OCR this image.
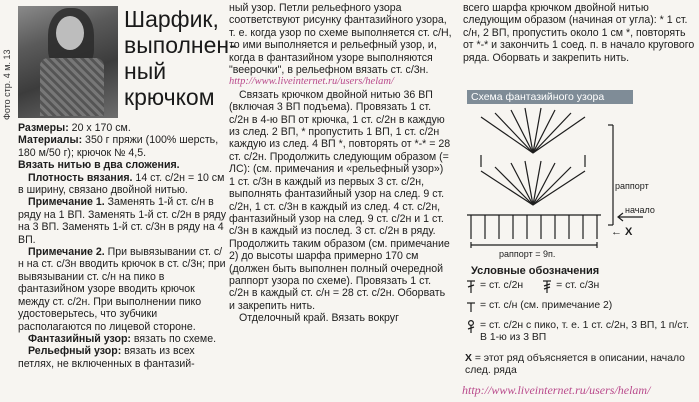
Фото стр. 4 м. 13
Шарфик, выполнен-ный крючком

Размеры: 20 х 170 см.

Материалы: 350 г пряжи (100% шерсть, 180 м/50 г); крючок № 4,5.

Вязать нитью в два сложения.

Плотность вязания. 14 ст. с/2н = 10 см в ширину, связано двойной нитью.

Примечание 1. Заменять 1-й ст. с/н в ряду на 1 ВП. Заменять 1-й ст. с/2н в ряду на 3 ВП. Заменять 1-й ст. с/3н в ряду на 4 ВП.

Примечание 2. При вывязывании ст. с/н на ст. с/3н вводить крючок в ст. с/3н; при вывязывании ст. с/н на пико в фантазийном узоре вводить крючок между ст. с/2н. При выполнении пико удостоверьтесь, что зубчики располагаются по лицевой стороне.

Фантазийный узор: вязать по схеме.

Рельефный узор: вязать из всех петлях, не включенных в фантазий-

ный узор. Петли рельефного узора соответствуют рисунку фантазийного узора, т. е. когда узор по схеме выполняется ст. с/Н, то ими выполняется и рельефный узор, и, когда в фантазийном узоре выполняются "веерочки", в рельефном вязать ст. с/3н.

http://www.liveinternet.ru/users/helam/

Связать крючком двойной нитью 36 ВП (включая 3 ВП подъема). Провязать 1 ст. с/2н в 4-ю ВП от крючка, 1 ст. с/2н в каждую из след. 2 ВП, * пропустить 1 ВП, 1 ст. с/2н каждую из след. 4 ВП *, повторять от *-* = 28 ст. с/2н. Продолжить следующим образом (= ЛС): (см. примечания и «рельефный узор») 1 ст. с/3н в каждый из первых 3 ст. с/2н, выполнять фантазийный узор на след. 9 ст. с/2н, 1 ст. с/3н в каждый из след. 4 ст. с/2н, фантазийный узор на след. 9 ст. с/2н и 1 ст. с/3н в каждый из послед. 3 ст. с/2н в ряду. Продолжить таким образом (см. примечание 2) до высоты шарфа примерно 170 см (должен быть выполнен полный очередной раппорт узора по схеме). Провязать 1 ст. с/2н в каждый ст. с/н = 28 ст. с/2н. Оборвать и закрепить нить.

Отделочный край. Вязать вокруг

всего шарфа крючком двойной нитью следующим образом (начиная от угла): * 1 ст. с/н, 2 ВП, пропустить около 1 см *, повторять от *-* и закончить 1 соед. п. в начало кругового ряда. Оборвать и закрепить нить.

Схема фантазийного узора
раппорт
начало
← X
раппорт = 9п.
Условные обозначения
= ст. с/2н	= ст. с/3н
= ст. с/н (см. примечание 2)
= ст. с/2н с пико, т. е. 1 ст. с/2н, 3 ВП, 1 п/ст. В 1-ю из 3 ВП
X = этот ряд объясняется в описании, начало след. ряда
http://www.liveinternet.ru/users/helam/
